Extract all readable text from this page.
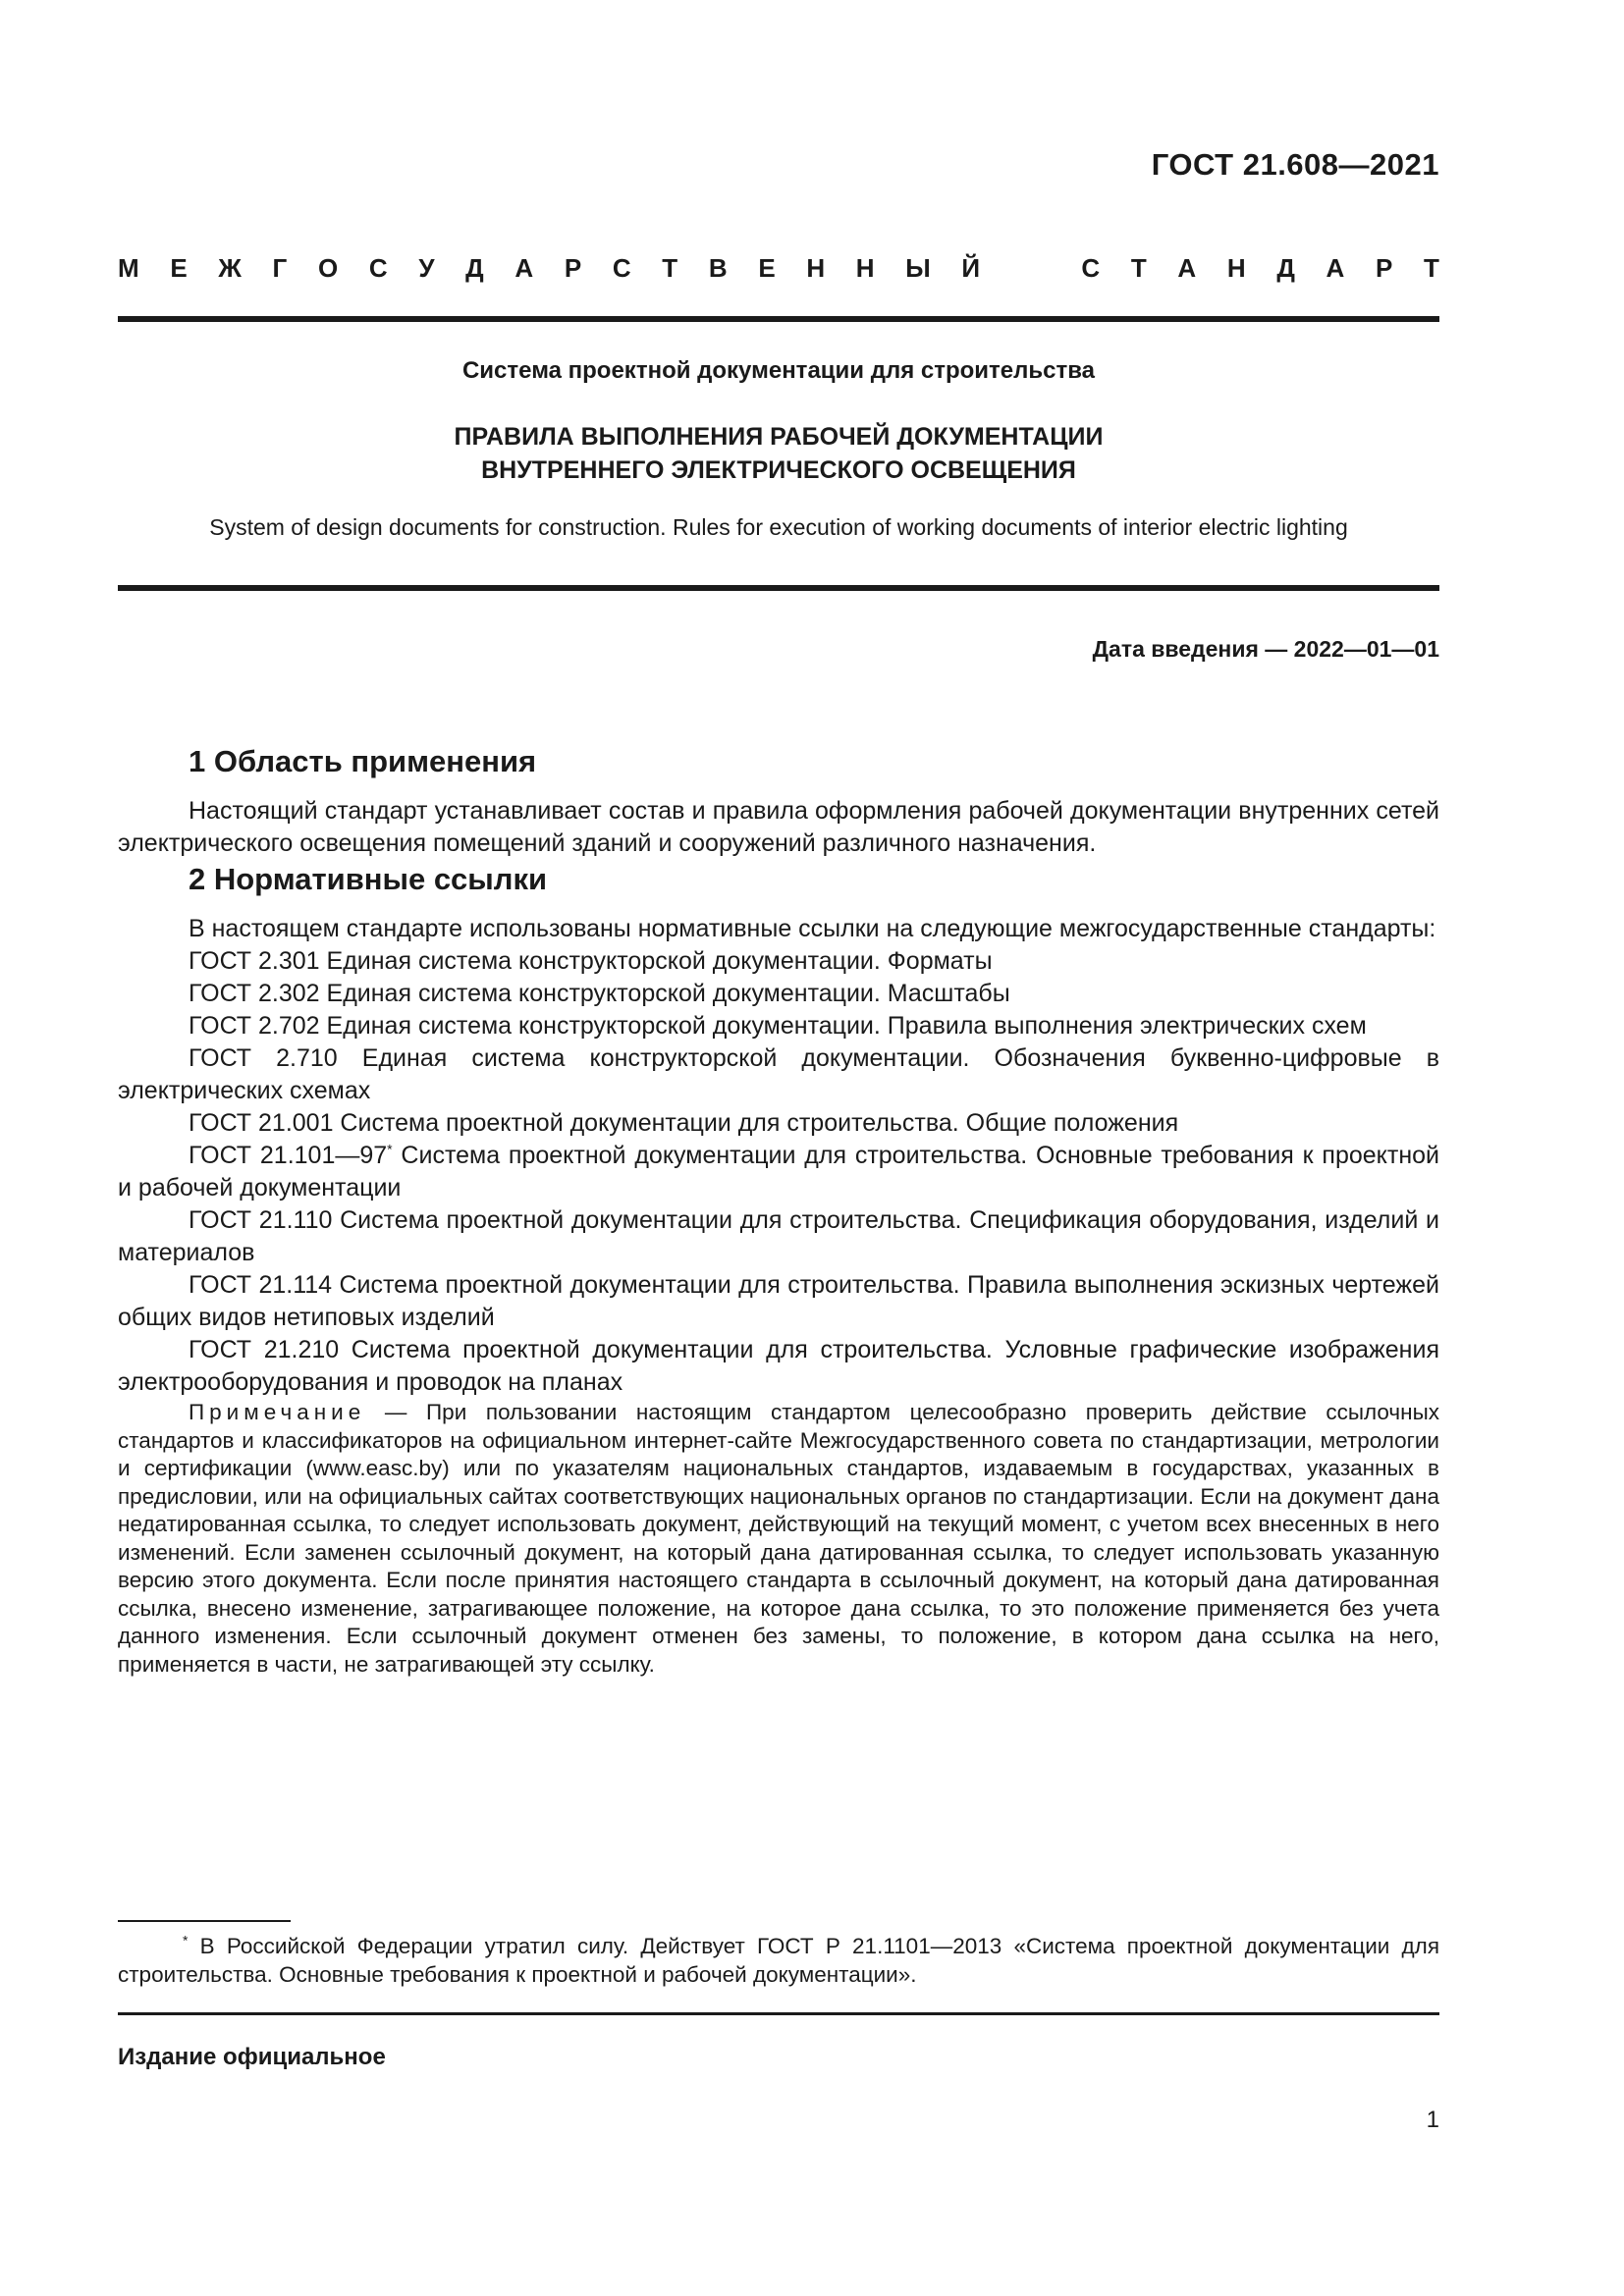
ГОСТ 21.608—2021
М Е Ж Г О С У Д А Р С Т В Е Н Н Ы Й	С Т А Н Д А Р Т
Система проектной документации для строительства
ПРАВИЛА ВЫПОЛНЕНИЯ РАБОЧЕЙ ДОКУМЕНТАЦИИ
ВНУТРЕННЕГО ЭЛЕКТРИЧЕСКОГО ОСВЕЩЕНИЯ
System of design documents for construction. Rules for execution of working documents of interior electric lighting
Дата введения — 2022—01—01
1 Область применения

Настоящий стандарт устанавливает состав и правила оформления рабочей документации внутренних сетей электрического освещения помещений зданий и сооружений различного назначения.

2 Нормативные ссылки

В настоящем стандарте использованы нормативные ссылки на следующие межгосударственные стандарты:

ГОСТ 2.301 Единая система конструкторской документации. Форматы

ГОСТ 2.302 Единая система конструкторской документации. Масштабы

ГОСТ 2.702 Единая система конструкторской документации. Правила выполнения электрических схем

ГОСТ 2.710 Единая система конструкторской документации. Обозначения буквенно-цифровые в электрических схемах

ГОСТ 21.001 Система проектной документации для строительства. Общие положения

ГОСТ 21.101—97* Система проектной документации для строительства. Основные требования к проектной и рабочей документации

ГОСТ 21.110 Система проектной документации для строительства. Спецификация оборудования, изделий и материалов

ГОСТ 21.114 Система проектной документации для строительства. Правила выполнения эскизных чертежей общих видов нетиповых изделий

ГОСТ 21.210 Система проектной документации для строительства. Условные графические изображения электрооборудования и проводок на планах

Примечание — При пользовании настоящим стандартом целесообразно проверить действие ссылочных стандартов и классификаторов на официальном интернет-сайте Межгосударственного совета по стандартизации, метрологии и сертификации (www.easc.by) или по указателям национальных стандартов, издаваемым в государствах, указанных в предисловии, или на официальных сайтах соответствующих национальных органов по стандартизации. Если на документ дана недатированная ссылка, то следует использовать документ, действующий на текущий момент, с учетом всех внесенных в него изменений. Если заменен ссылочный документ, на который дана датированная ссылка, то следует использовать указанную версию этого документа. Если после принятия настоящего стандарта в ссылочный документ, на который дана датированная ссылка, внесено изменение, затрагивающее положение, на которое дана ссылка, то это положение применяется без учета данного изменения. Если ссылочный документ отменен без замены, то положение, в котором дана ссылка на него, применяется в части, не затрагивающей эту ссылку.

* В Российской Федерации утратил силу. Действует ГОСТ Р 21.1101—2013 «Система проектной документации для строительства. Основные требования к проектной и рабочей документации».
Издание официальное
1
